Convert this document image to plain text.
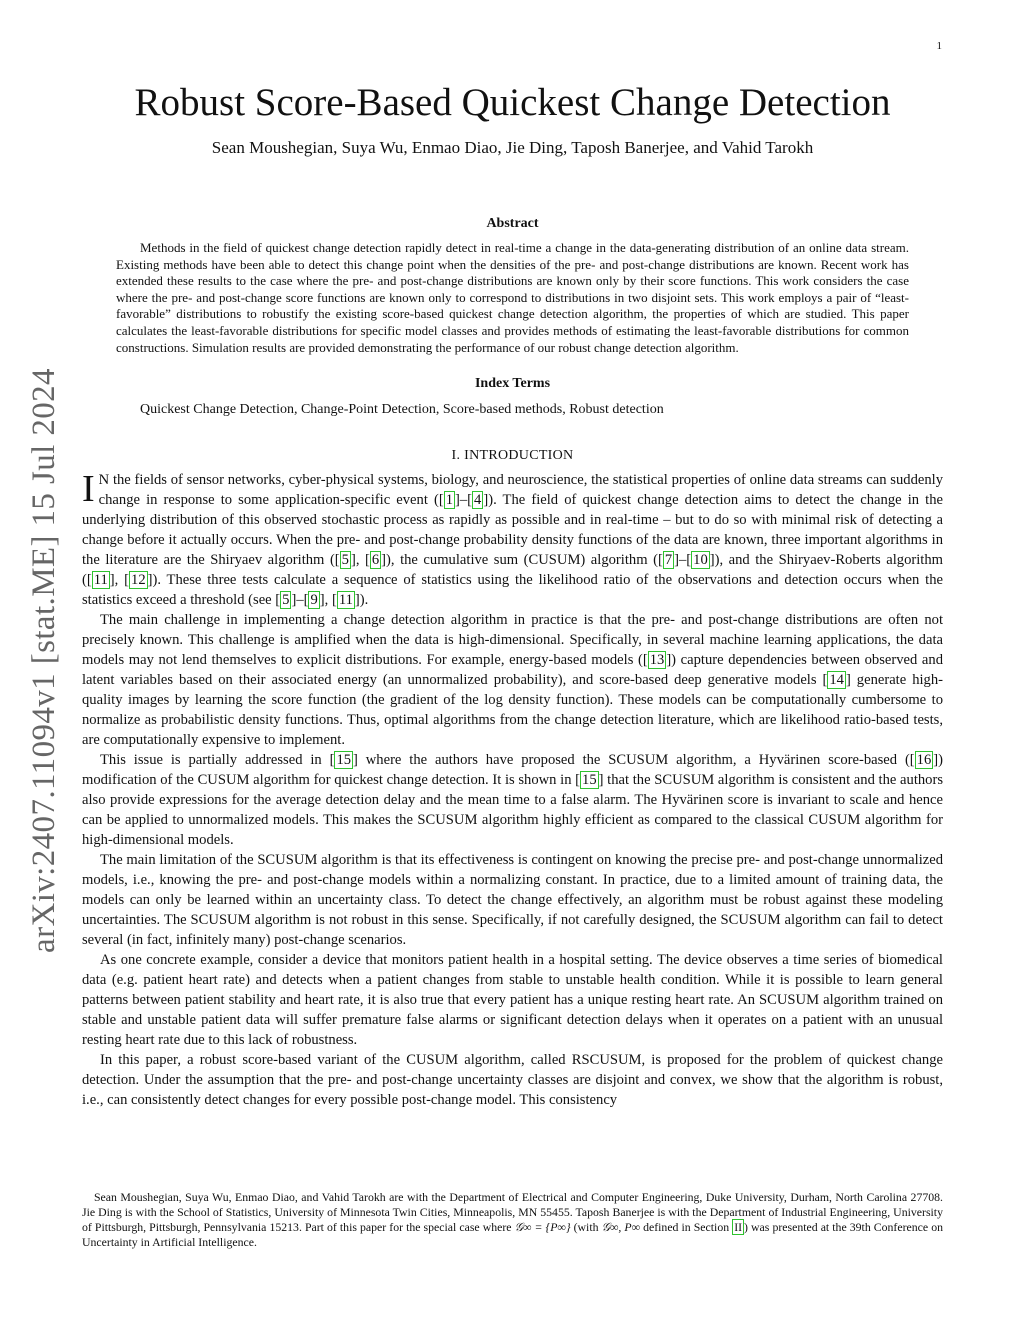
1
arXiv:2407.11094v1 [stat.ME] 15 Jul 2024
Robust Score-Based Quickest Change Detection

Sean Moushegian, Suya Wu, Enmao Diao, Jie Ding, Taposh Banerjee, and Vahid Tarokh

Abstract

Methods in the field of quickest change detection rapidly detect in real-time a change in the data-generating distribution of an online data stream. Existing methods have been able to detect this change point when the densities of the pre- and post-change distributions are known. Recent work has extended these results to the case where the pre- and post-change distributions are known only by their score functions. This work considers the case where the pre- and post-change score functions are known only to correspond to distributions in two disjoint sets. This work employs a pair of “least-favorable” distributions to robustify the existing score-based quickest change detection algorithm, the properties of which are studied. This paper calculates the least-favorable distributions for specific model classes and provides methods of estimating the least-favorable distributions for common constructions. Simulation results are provided demonstrating the performance of our robust change detection algorithm.

Index Terms

Quickest Change Detection, Change-Point Detection, Score-based methods, Robust detection

I. INTRODUCTION

I N the fields of sensor networks, cyber-physical systems, biology, and neuroscience, the statistical properties of online data streams can suddenly change in response to some application-specific event ([ 1 ]–[ 4 ]). The field of quickest change detection aims to detect the change in the underlying distribution of this observed stochastic process as rapidly as possible and in real-time – but to do so with minimal risk of detecting a change before it actually occurs. When the pre- and post-change probability density functions of the data are known, three important algorithms in the literature are the Shiryaev algorithm ([ 5 ], [ 6 ]), the cumulative sum (CUSUM) algorithm ([ 7 ]–[ 10 ]), and the Shiryaev-Roberts algorithm ([ 11 ], [ 12 ]). These three tests calculate a sequence of statistics using the likelihood ratio of the observations and detection occurs when the statistics exceed a threshold (see [ 5 ]–[ 9 ], [ 11 ]).

The main challenge in implementing a change detection algorithm in practice is that the pre- and post-change distributions are often not precisely known. This challenge is amplified when the data is high-dimensional. Specifically, in several machine learning applications, the data models may not lend themselves to explicit distributions. For example, energy-based models ([ 13 ]) capture dependencies between observed and latent variables based on their associated energy (an unnormalized probability), and score-based deep generative models [ 14 ] generate high-quality images by learning the score function (the gradient of the log density function). These models can be computationally cumbersome to normalize as probabilistic density functions. Thus, optimal algorithms from the change detection literature, which are likelihood ratio-based tests, are computationally expensive to implement.

This issue is partially addressed in [ 15 ] where the authors have proposed the SCUSUM algorithm, a Hyvärinen score-based ([ 16 ]) modification of the CUSUM algorithm for quickest change detection. It is shown in [ 15 ] that the SCUSUM algorithm is consistent and the authors also provide expressions for the average detection delay and the mean time to a false alarm. The Hyvärinen score is invariant to scale and hence can be applied to unnormalized models. This makes the SCUSUM algorithm highly efficient as compared to the classical CUSUM algorithm for high-dimensional models.

The main limitation of the SCUSUM algorithm is that its effectiveness is contingent on knowing the precise pre- and post-change unnormalized models, i.e., knowing the pre- and post-change models within a normalizing constant. In practice, due to a limited amount of training data, the models can only be learned within an uncertainty class. To detect the change effectively, an algorithm must be robust against these modeling uncertainties. The SCUSUM algorithm is not robust in this sense. Specifically, if not carefully designed, the SCUSUM algorithm can fail to detect several (in fact, infinitely many) post-change scenarios.

As one concrete example, consider a device that monitors patient health in a hospital setting. The device observes a time series of biomedical data (e.g. patient heart rate) and detects when a patient changes from stable to unstable health condition. While it is possible to learn general patterns between patient stability and heart rate, it is also true that every patient has a unique resting heart rate. An SCUSUM algorithm trained on stable and unstable patient data will suffer premature false alarms or significant detection delays when it operates on a patient with an unusual resting heart rate due to this lack of robustness.

In this paper, a robust score-based variant of the CUSUM algorithm, called RSCUSUM, is proposed for the problem of quickest change detection. Under the assumption that the pre- and post-change uncertainty classes are disjoint and convex, we show that the algorithm is robust, i.e., can consistently detect changes for every possible post-change model. This consistency

Sean Moushegian, Suya Wu, Enmao Diao, and Vahid Tarokh are with the Department of Electrical and Computer Engineering, Duke University, Durham, North Carolina 27708. Jie Ding is with the School of Statistics, University of Minnesota Twin Cities, Minneapolis, MN 55455. Taposh Banerjee is with the Department of Industrial Engineering, University of Pittsburgh, Pittsburgh, Pennsylvania 15213. Part of this paper for the special case where 𝒢∞ = {P∞} (with 𝒢∞, P∞ defined in Section II ) was presented at the 39th Conference on Uncertainty in Artificial Intelligence.
